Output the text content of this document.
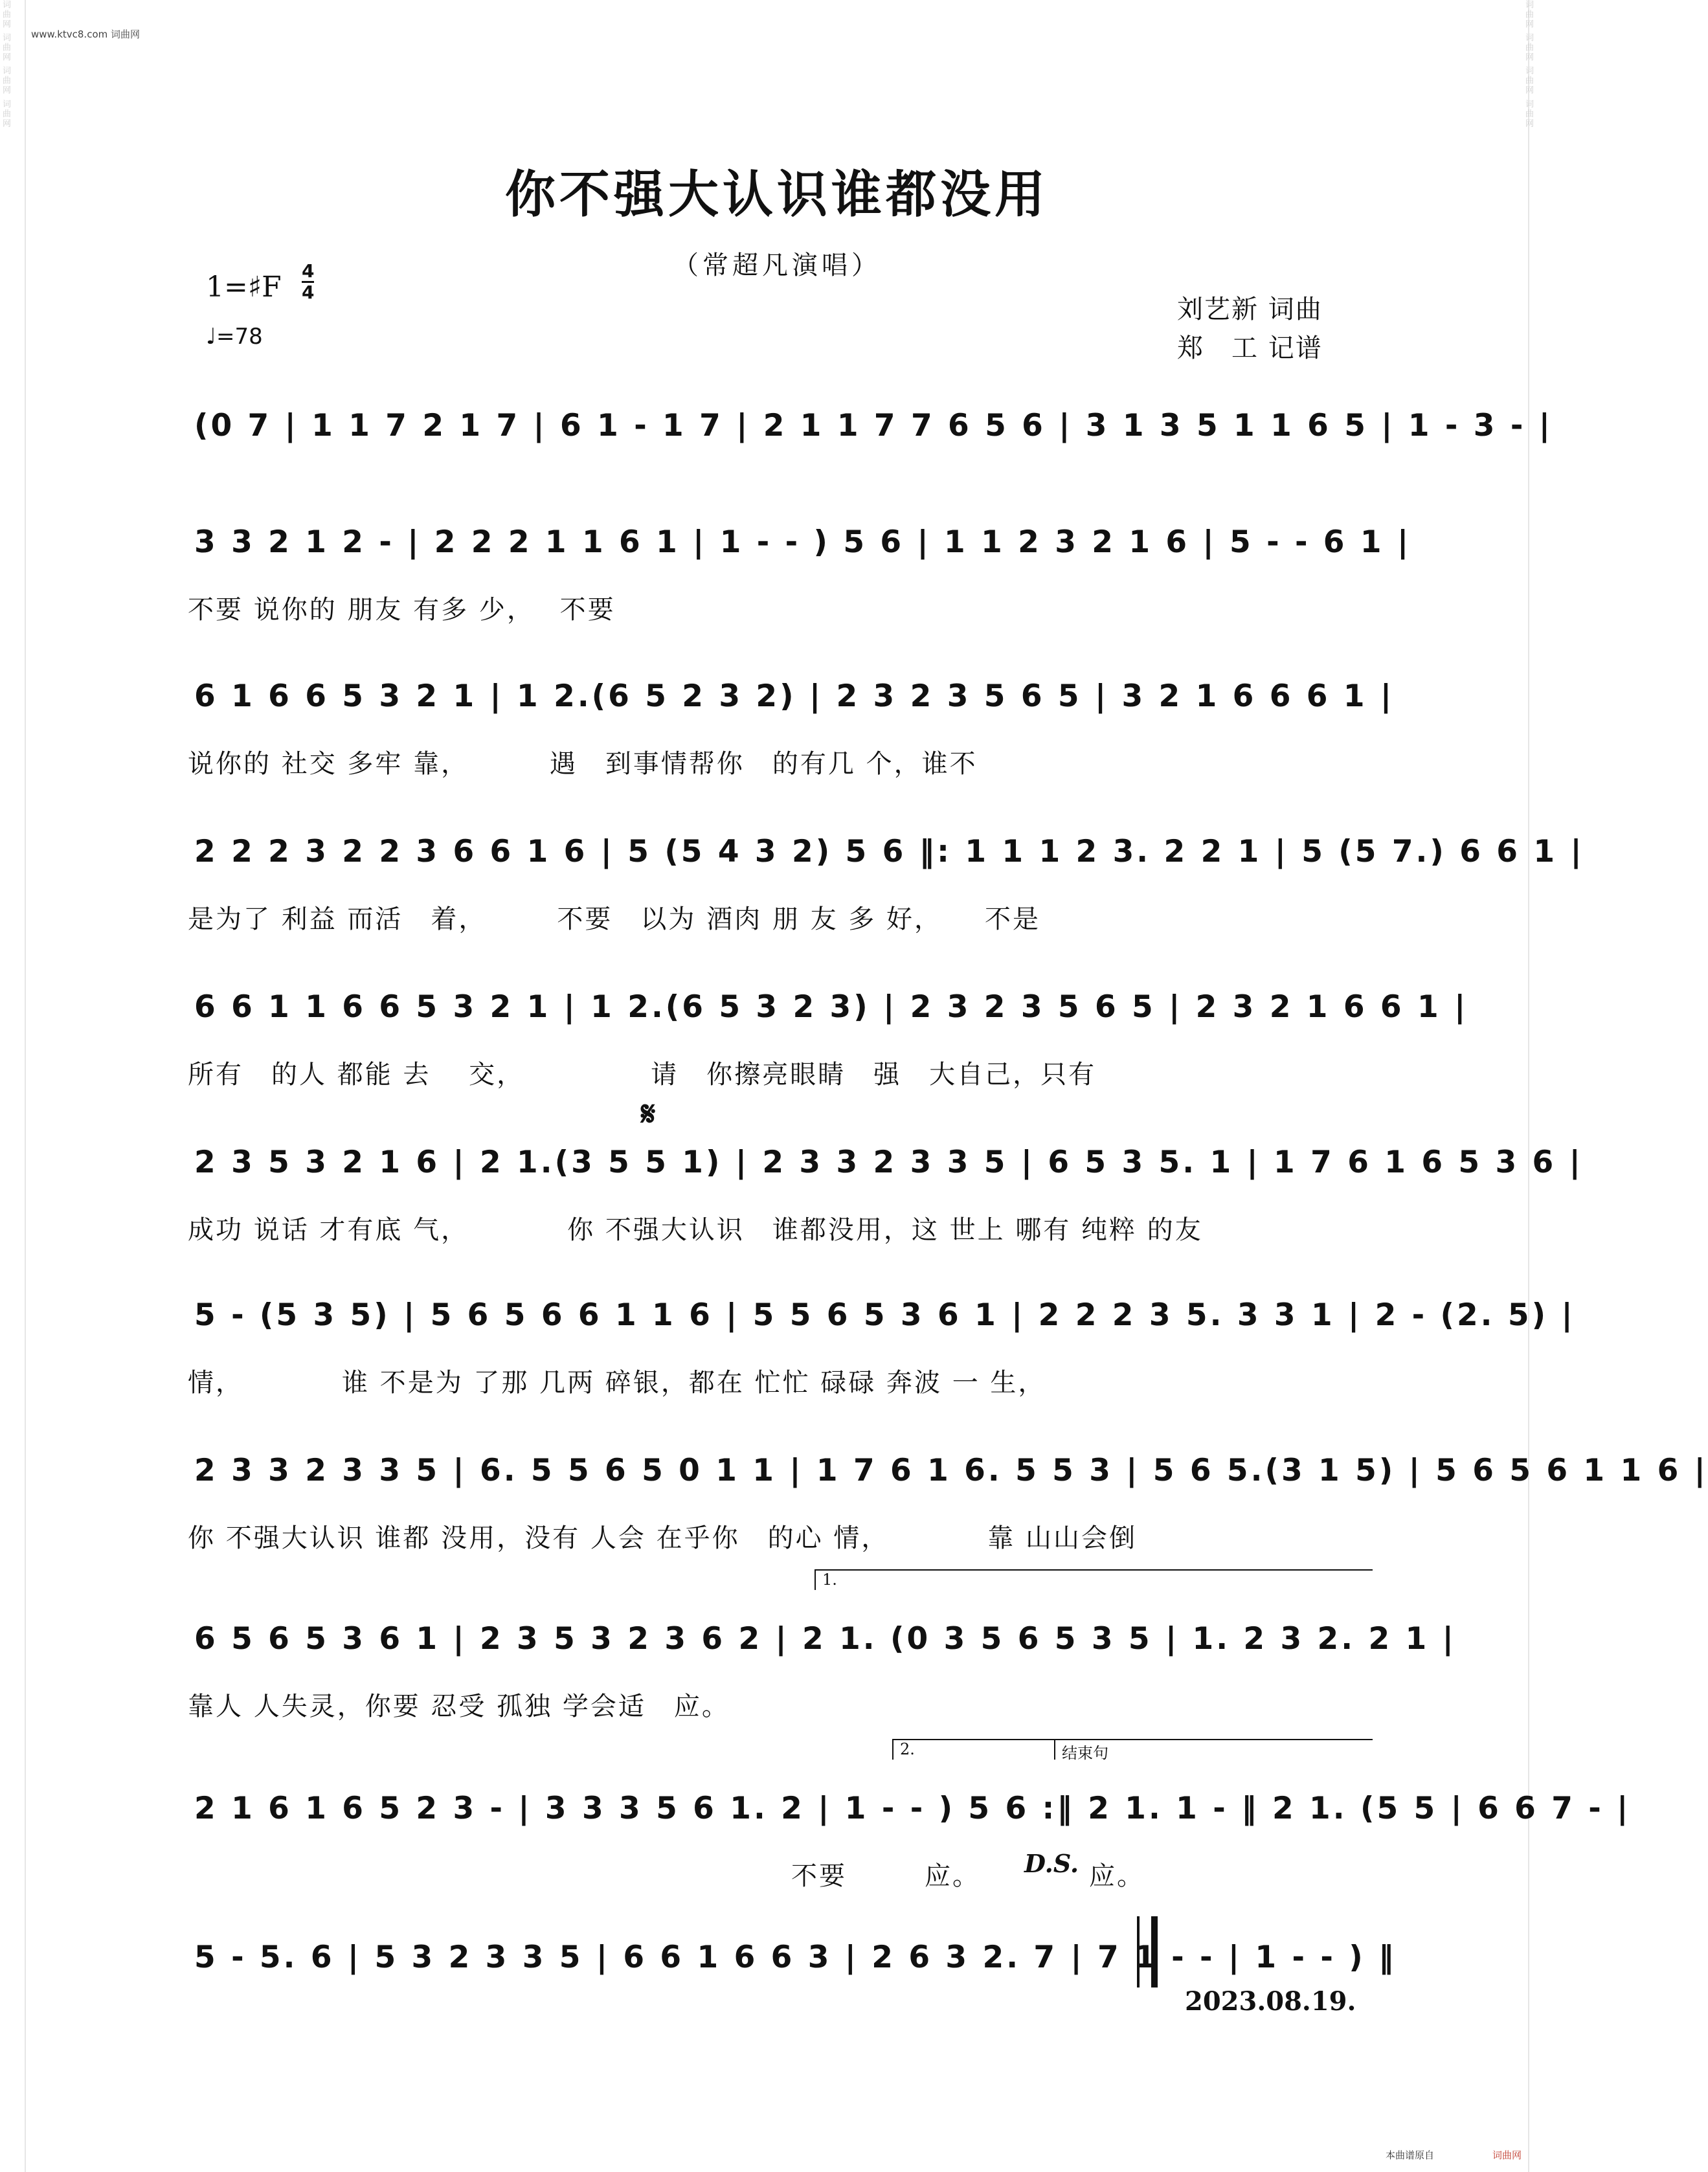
词曲网 词曲网 词曲网 词曲网
词曲网 词曲网 词曲网 词曲网
www.ktvc8.com 词曲网
你不强大认识谁都没用
（常超凡演唱）
1=♯F 4
4
♩=78
刘艺新 词曲
郑　工 记谱
(0 7 | 1 1 7 2 1 7 | 6 1 - 1 7 | 2 1 1 7 7 6 5 6 | 3 1 3 5 1 1 6 5 | 1 - 3 - |
3 3 2 1 2 - | 2 2 2 1 1 6 1 | 1 - - ) 5 6 | 1 1 2 3 2 1 6 | 5 - - 6 1 |
不要 说你的 朋友 有多 少，　 不要
6 1 6 6 5 3 2 1 | 1 2.(6 5 2 3 2) | 2 3 2 3 5 6 5 | 3 2 1 6 6 6 1 |
说你的 社交 多牢 靠，　　　 遇　到事情帮你　的有几 个，谁不
2 2 2 3 2 2 3 6 6 1 6 | 5 (5 4 3 2) 5 6 ‖: 1 1 1 2 3. 2 2 1 | 5 (5 7.) 6 6 1 |
是为了 利益 而活　着，　　　不要　以为 酒肉 朋 友 多 好，　　不是
6 6 1 1 6 6 5 3 2 1 | 1 2.(6 5 3 2 3) | 2 3 2 3 5 6 5 | 2 3 2 1 6 6 1 |
所有　的人 都能 去　 交，　　　　　请　你擦亮眼睛　强　大自己，只有
𝄋
2 3 5 3 2 1 6 | 2 1.(3 5 5 1) | 2 3 3 2 3 3 5 | 6 5 3 5. 1 | 1 7 6 1 6 5 3 6 |
成功 说话 才有底 气，　　　　你 不强大认识　谁都没用，这 世上 哪有 纯粹 的友
5 - (5 3 5) | 5 6 5 6 6 1 1 6 | 5 5 6 5 3 6 1 | 2 2 2 3 5. 3 3 1 | 2 - (2. 5) |
情，　　　　谁 不是为 了那 几两 碎银，都在 忙忙 碌碌 奔波 一 生，
2 3 3 2 3 3 5 | 6. 5 5 6 5 0 1 1 | 1 7 6 1 6. 5 5 3 | 5 6 5.(3 1 5) | 5 6 5 6 1 1 6 |
你 不强大认识 谁都 没用，没有 人会 在乎你　的心 情，　　　　靠 山山会倒
1.
6 5 6 5 3 6 1 | 2 3 5 3 2 3 6 2 | 2 1. (0 3 5 6 5 3 5 | 1. 2 3 2. 2 1 |
靠人 人失灵，你要 忍受 孤独 学会适　应。
2.	结束句
2 1 6 1 6 5 2 3 - | 3 3 3 5 6 1. 2 | 1 - - ) 5 6 :‖ 2 1. 1 - ‖ 2 1. (5 5 | 6 6 7 - |
不要	应。	D.S. 应。
5 - 5. 6 | 5 3 2 3 3 5 | 6 6 1 6 6 3 | 2 6 3 2. 7 | 7 1 - - | 1 - - ) ‖
2023.08.19.
本曲谱原自	词曲网
